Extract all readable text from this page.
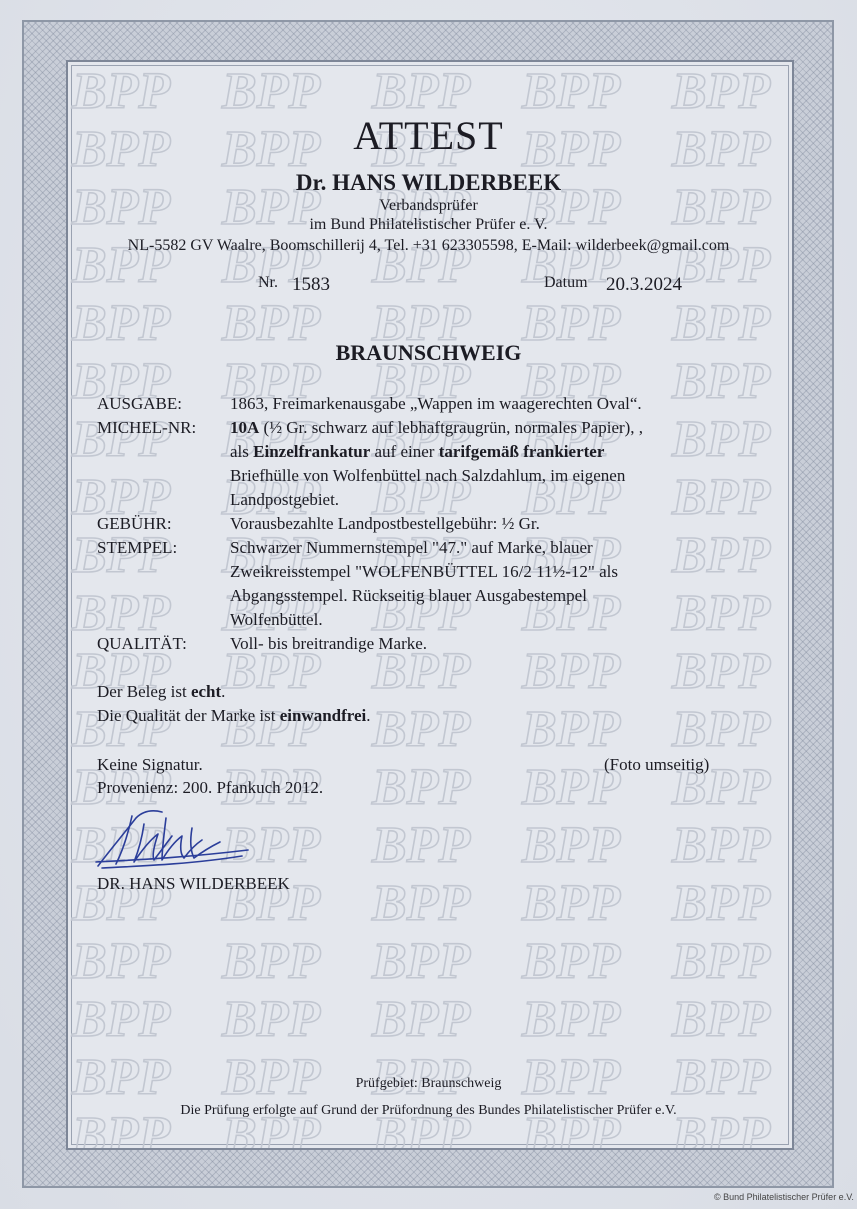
ATTEST
Dr. HANS WILDERBEEK
Verbandsprüfer
im Bund Philatelistischer Prüfer e. V.
NL-5582 GV Waalre, Boomschillerij 4, Tel. +31 623305598, E-Mail: wilderbeek@gmail.com
Nr. 1583	Datum 20.3.2024
BRAUNSCHWEIG
AUSGABE:	1863, Freimarkenausgabe „Wappen im waagerechten Oval“.
MICHEL-NR: 10A (½ Gr. schwarz auf lebhaftgraugrün, normales Papier), ,
als Einzelfrankatur auf einer tarifgemäß frankierter
Briefhülle von Wolfenbüttel nach Salzdahlum, im eigenen
Landpostgebiet.
GEBÜHR:	Vorausbezahlte Landpostbestellgebühr: ½ Gr.
STEMPEL:	Schwarzer Nummernstempel "47." auf Marke, blauer
Zweikreisstempel "WOLFENBÜTTEL 16/2 11½-12" als
Abgangsstempel. Rückseitig blauer Ausgabestempel
Wolfenbüttel.
QUALITÄT:	Voll- bis breitrandige Marke.
Der Beleg ist echt.
Die Qualität der Marke ist einwandfrei.
Keine Signatur.	(Foto umseitig)
Provenienz: 200. Pfankuch 2012.
DR. HANS WILDERBEEK
Prüfgebiet: Braunschweig
Die Prüfung erfolgte auf Grund der Prüfordnung des Bundes Philatelistischer Prüfer e.V.
© Bund Philatelistischer Prüfer e.V.
